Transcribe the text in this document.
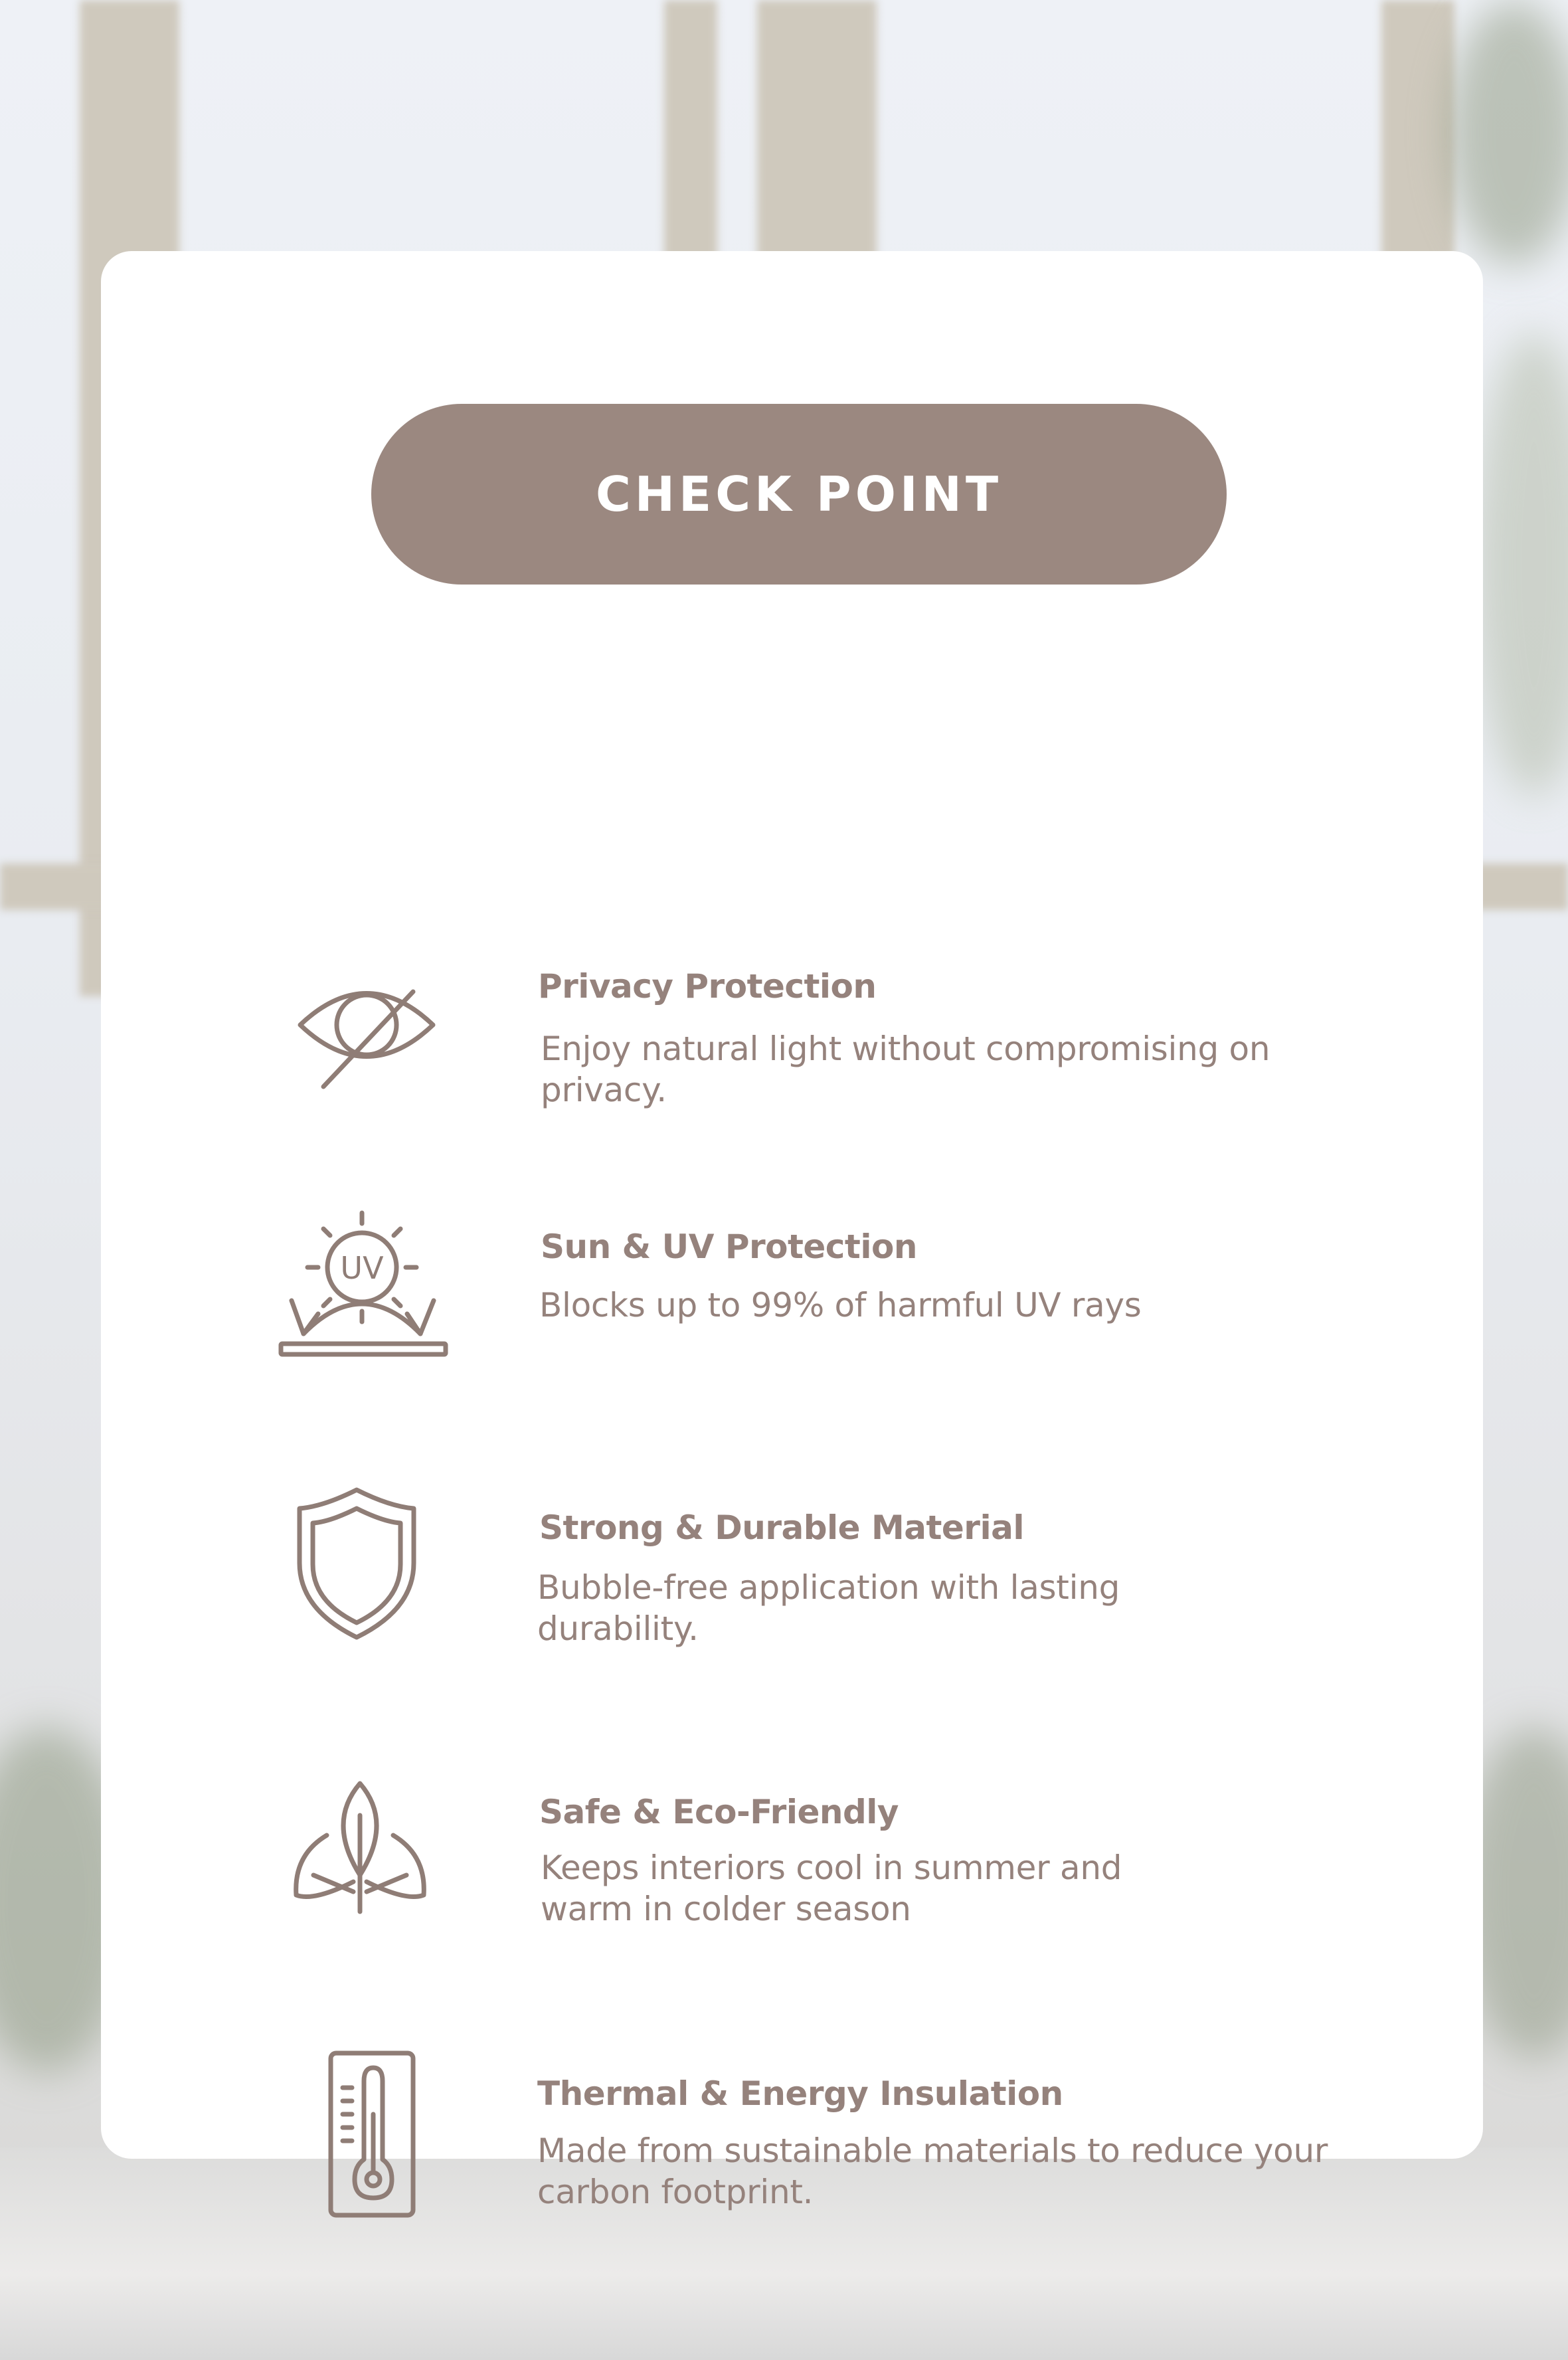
CHECK POINT
Privacy Protection
Enjoy natural light without compromising on privacy.
UV
Sun & UV Protection
Blocks up to 99% of harmful UV rays
Strong & Durable Material
Bubble-free application with lasting durability.
Safe & Eco-Friendly
Keeps interiors cool in summer and warm in colder season
Thermal & Energy Insulation
Made from sustainable materials to reduce your carbon footprint.
